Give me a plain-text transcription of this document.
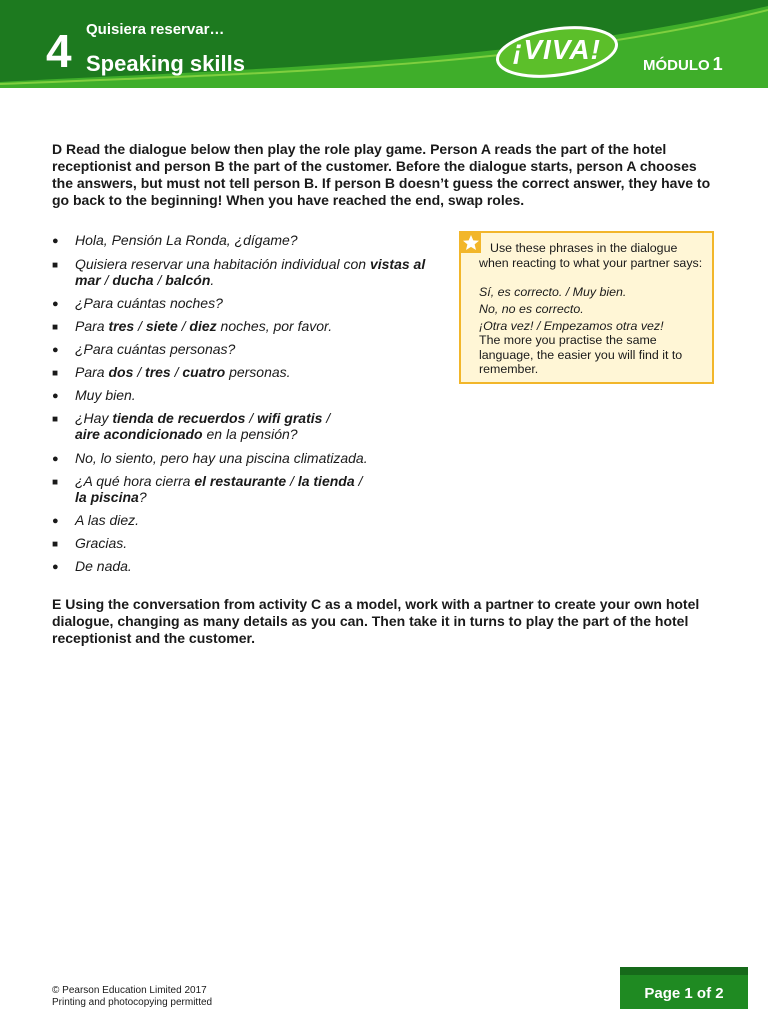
4 Quisiera reservar…
Speaking skills	¡VIVA!
MÓDULO 1

D Read the dialogue below then play the role play game. Person A reads the part of the hotel receptionist and person B the part of the customer. Before the dialogue starts, person A chooses the answers, but must not tell person B. If person B doesn’t guess the correct answer, they have to go back to the beginning! When you have reached the end, swap roles.

●
Hola, Pensión La Ronda, ¿dígame?
■
Quisiera reservar una habitación individual con vistas al mar / ducha / balcón.
●
¿Para cuántas noches?
■
Para tres / siete / diez noches, por favor.
●
¿Para cuántas personas?
■
Para dos / tres / cuatro personas.
●
Muy bien.
■
¿Hay tienda de recuerdos / wifi gratis /
aire acondicionado en la pensión?
●
No, lo siento, pero hay una piscina climatizada.
■
¿A qué hora cierra el restaurante / la tienda /
la piscina?
●
A las diez.
■
Gracias.
●
De nada.

Use these phrases in the dialogue when reacting to what your partner says:

Sí, es correcto. / Muy bien.

No, no es correcto.

¡Otra vez! / Empezamos otra vez!

The more you practise the same language, the easier you will find it to remember.

E Using the conversation from activity C as a model, work with a partner to create your own hotel dialogue, changing as many details as you can. Then take it in turns to play the part of the hotel receptionist and the customer.

© Pearson Education Limited 2017
Printing and photocopying permitted
Page 1 of 2
